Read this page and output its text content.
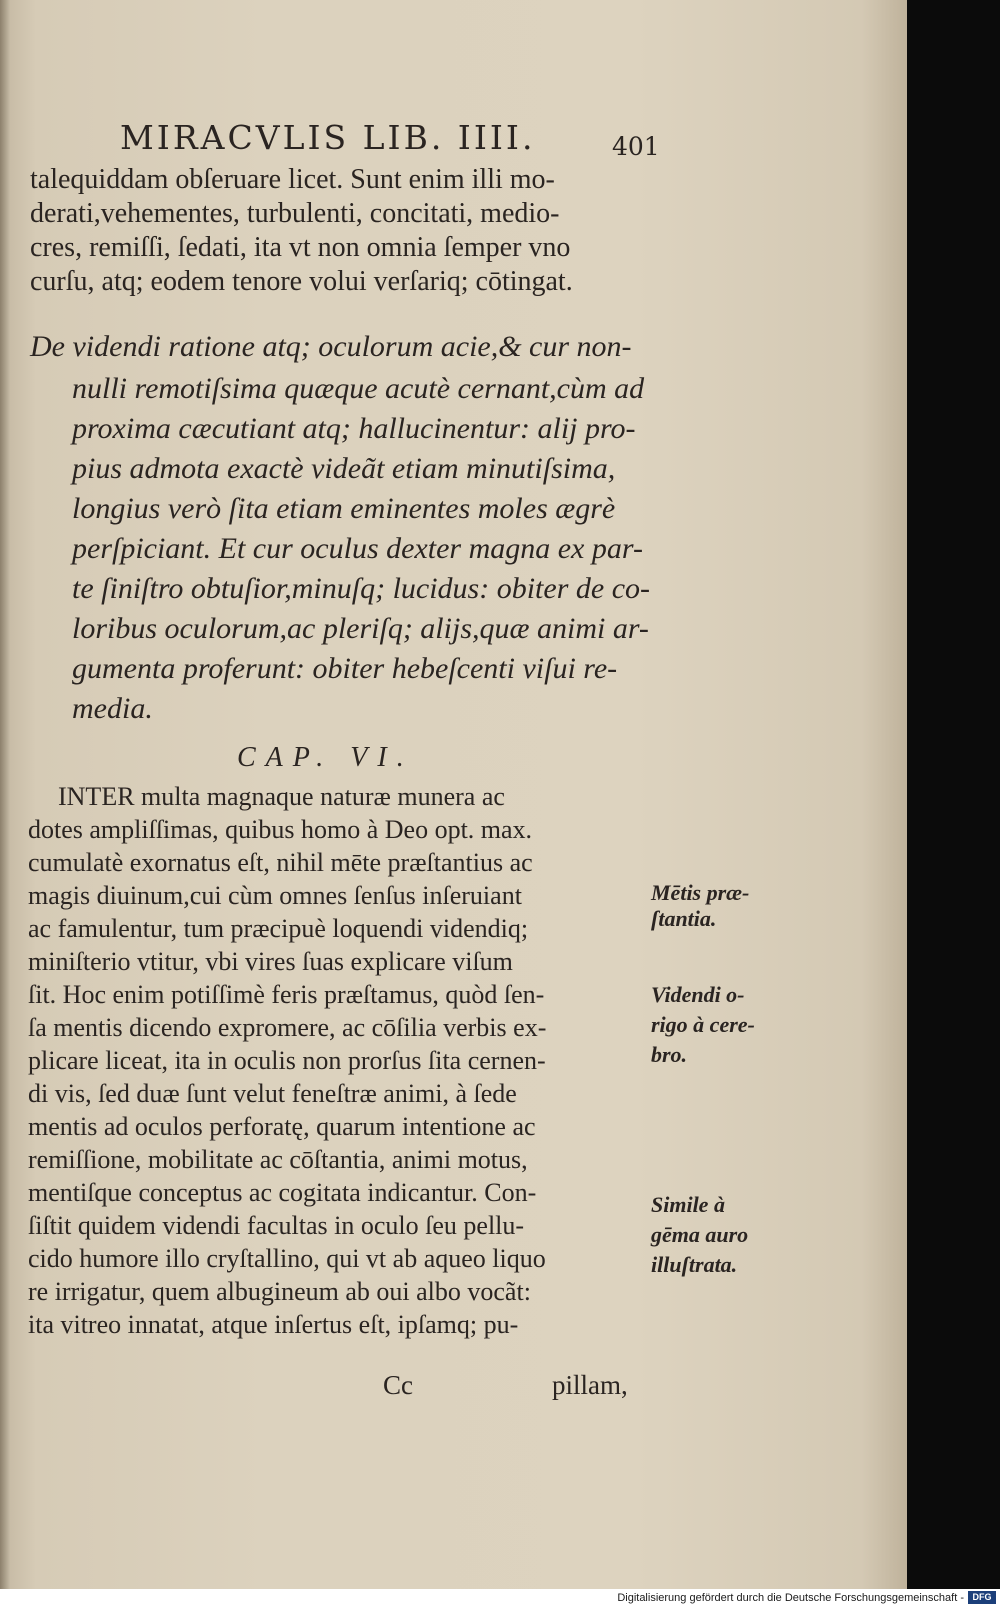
MIRACVLIS LIB. IIII.	401
talequiddam obſeruare licet. Sunt enim illi mo-
derati,vehementes, turbulenti, concitati, medio-
cres, remiſſi, ſedati, ita vt non omnia ſemper vno
curſu, atq; eodem tenore volui verſariq; cōtingat.
De videndi ratione atq; oculorum acie,& cur non-
nulli remotiſsima quæque acutè cernant,cùm ad
proxima cæcutiant atq; hallucinentur: alij pro-
pius admota exactè videãt etiam minutiſsima,
longius verò ſita etiam eminentes moles ægrè
perſpiciant. Et cur oculus dexter magna ex par-
te ſiniſtro obtuſior,minuſq; lucidus: obiter de co-
loribus oculorum,ac pleriſq; alijs,quæ animi ar-
gumenta proferunt: obiter hebeſcenti viſui re-
media.
CAP. VI.
INTER multa magnaque naturæ munera ac
dotes ampliſſimas, quibus homo à Deo opt. max.
cumulatè exornatus eſt, nihil mēte præſtantius ac
magis diuinum,cui cùm omnes ſenſus inſeruiant
ac famulentur, tum præcipuè loquendi videndiq;
miniſterio vtitur, vbi vires ſuas explicare viſum
ſit. Hoc enim potiſſimè feris præſtamus, quòd ſen-
ſa mentis dicendo expromere, ac cōſilia verbis ex-
plicare liceat, ita in oculis non prorſus ſita cernen-
di vis, ſed duæ ſunt velut feneſtræ animi, à ſede
mentis ad oculos perforatę, quarum intentione ac
remiſſione, mobilitate ac cōſtantia, animi motus,
mentiſque conceptus ac cogitata indicantur. Con-
ſiſtit quidem videndi facultas in oculo ſeu pellu-
cido humore illo cryſtallino, qui vt ab aqueo liquo
re irrigatur, quem albugineum ab oui albo vocãt:
ita vitreo innatat, atque inſertus eſt, ipſamq; pu-
Mētis præ-
ſtantia.
Videndi o-
rigo à cere-
bro.
Simile à
gēma auro
illuſtrata.
Cc	pillam,
Digitalisierung gefördert durch die Deutsche Forschungsgemeinschaft - DFG
